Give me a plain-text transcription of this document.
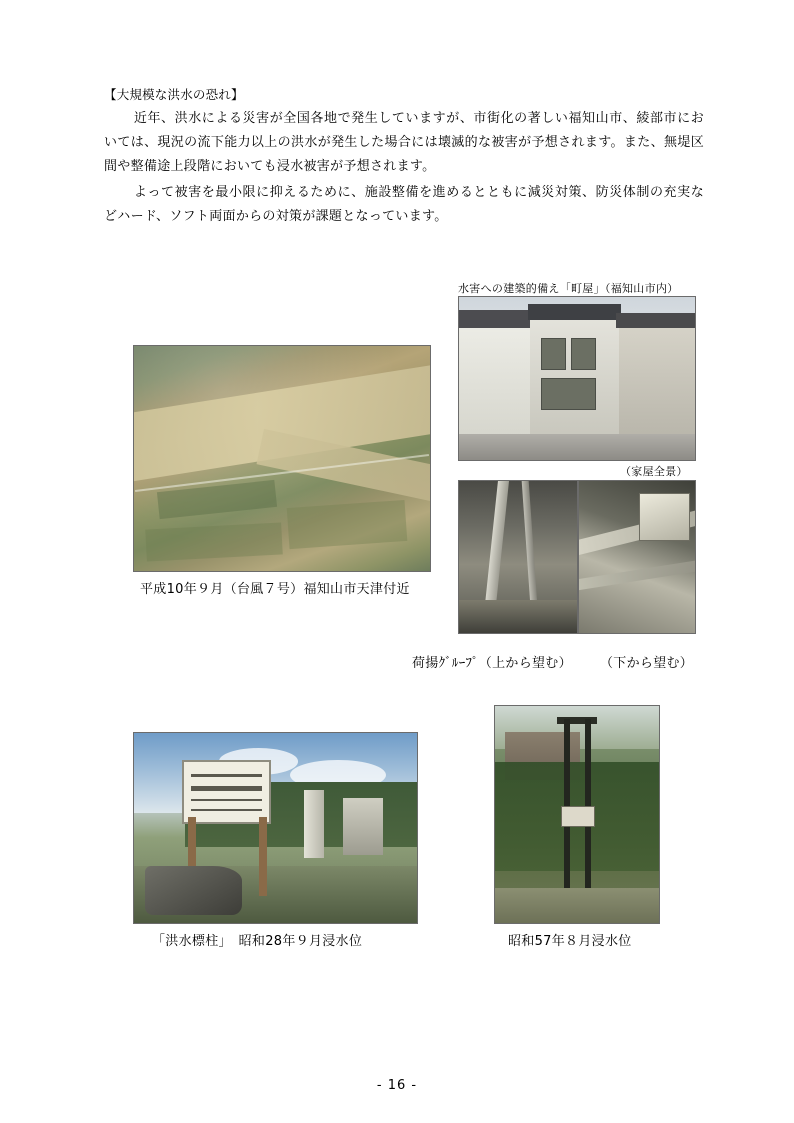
【大規模な洪水の恐れ】
近年、洪水による災害が全国各地で発生していますが、市街化の著しい福知山市、綾部市においては、現況の流下能力以上の洪水が発生した場合には壊滅的な被害が予想されます。また、無堤区間や整備途上段階においても浸水被害が予想されます。
よって被害を最小限に抑えるために、施設整備を進めるとともに減災対策、防災体制の充実などハード、ソフト両面からの対策が課題となっています。
水害への建築的備え「町屋」（福知山市内）
（家屋全景）
平成10年９月（台風７号）福知山市天津付近
荷揚ｸﾞﾙｰﾌﾟ（上から望む） （下から望む）
「洪水標柱」　昭和28年９月浸水位	昭和57年８月浸水位
- 16 -
